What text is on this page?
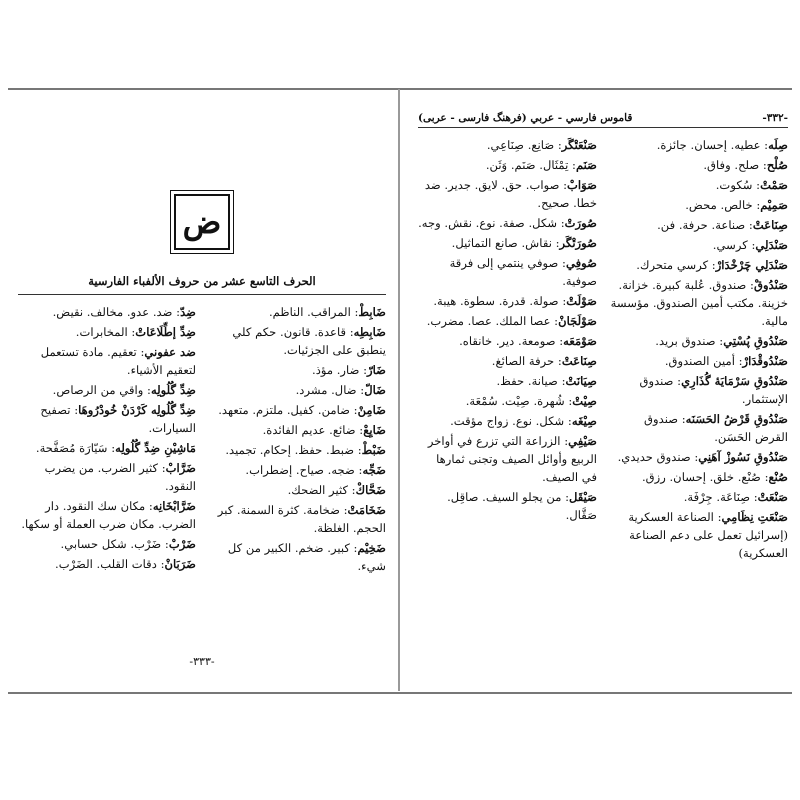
-٣٣٢-
قاموس فارسي - عربي (فرهنگ فارسی - عربی)
صِلَه: عطيه. إحسان. جائزة.
صُلْح: صلح. وفاق.
صَمْتْ: سُكوت.
صَمِيْم: خالص. محض.
صِنَاعَتْ: صناعة. حرفة. فن.
صَنْدَلِي: كرسي.
صَنْدَلِي چَرْخْدَارْ: كرسي متحرك.
صَنْدُوقْ: صندوق. عُلبة كبيرة. خزانة. خزينة. مكتب أمين الصندوق. مؤسسة مالية.
صَنْدُوقِ پُسْتِي: صندوق بريد.
صَنْدُوقْدَارْ: أمين الصندوق.
صَنْدُوقِ سَرْمَايَهٔ گُذَارِي: صندوق الإستثمار.
صَنْدُوقِ قَرْضُ الحَسَنَه: صندوق القرض الحَسَن.
صَنْدُوقِ نَسُوزْ آهَنِي: صندوق حديدي.
صُنْع: صُنْع. خلق. إحسان. رزق.
صَنْعَتْ: صِنَاعَة. جِرْفَة.
صَنْعَتِ نِظَامِي: الصناعة العسكرية (إسرائيل تعمل على دعم الصناعة العسكرية)
صَنْعَتْگَر: صَانِع. صِنَاعِي.
صَنَم: تِمْثَال. صَنَم. وَثَن.
صَوَابْ: صواب. حق. لايق. جدير. ضد خطا. صحيح.
صُورَتْ: شكل. صفة. نوع. نقش. وجه.
صُورَتْگَر: نقاش. صانع التماثيل.
صُوفِي: صوفي ينتمي إلى فرقة صوفية.
صَوْلَتْ: صولة. قدرة. سطوة. هيبة.
صَوْلَجَانْ: عصا الملك. عصا. مضرب.
صَوْمَعَه: صومعة. دير. خانقاه.
صِنَاعَتْ: حرفة الصائغ.
صِيَانَتْ: صيانة. حفظ.
صِيْتْ: شُهرة. صِيْت. سُمْعَة.
صِيْغَه: شكل. نوع. زواج مؤقت.
صَيْفِي: الزراعة التي تزرع في أواخر الربيع وأوائل الصيف وتجنى ثمارها في الصيف.
صَيْقَل: من يجلو السيف. صاقِل. صَقَّال.
ض
الحرف التاسع عشر من حروف الألفباء الفارسية
ضَابِطْ: المراقب. الناظم.
ضَابِطِه: قاعدة. قانون. حكم كلي ينطبق على الجزئيات.
ضَارّ: ضار. مؤذ.
ضَالّ: ضال. مشرد.
ضَامِنْ: ضامن. كفيل. ملتزم. متعهد.
ضَايِعْ: ضائع. عديم الفائدة.
ضَبْطْ: ضبط. حفظ. إحكام. تجميد.
ضَجِّه: ضجه. صياح. إضطراب.
ضَحَّاكْ: كثير الضحك.
ضَخَامَتْ: ضخامة. كثرة السمنة. كبر الحجم. الغلظة.
ضَخِيْم: كبير. ضخم. الكبير من كل شيء.
ضِدّ: ضد. عدو. مخالف. نقيض.
ضِدِّ إطِّلَاعَاتْ: المخابرات.
ضد عفوني: تعقيم. مادة تستعمل لتعقيم الأشياء.
ضِدِّ گُلُولِه: واقي من الرصاص.
ضِدِّ گُلُولِه كَرْدَنْ خُودْرُوهَا: تصفيح السيارات.
مَاشِيْنِ ضِدِّ گُلُولِه: سَيّارَة مُصَفَّحة.
ضَرَّابْ: كثير الضرب. من يضرب النقود.
ضَرَّابْخَانِه: مكان سك النقود. دار الضرب. مكان ضرب العملة أو سكها.
ضَرْبْ: ضَرْب. شكل حسابي.
ضَرَبَانْ: دقات القلب. الضَرْب.
-٣٣٣-
